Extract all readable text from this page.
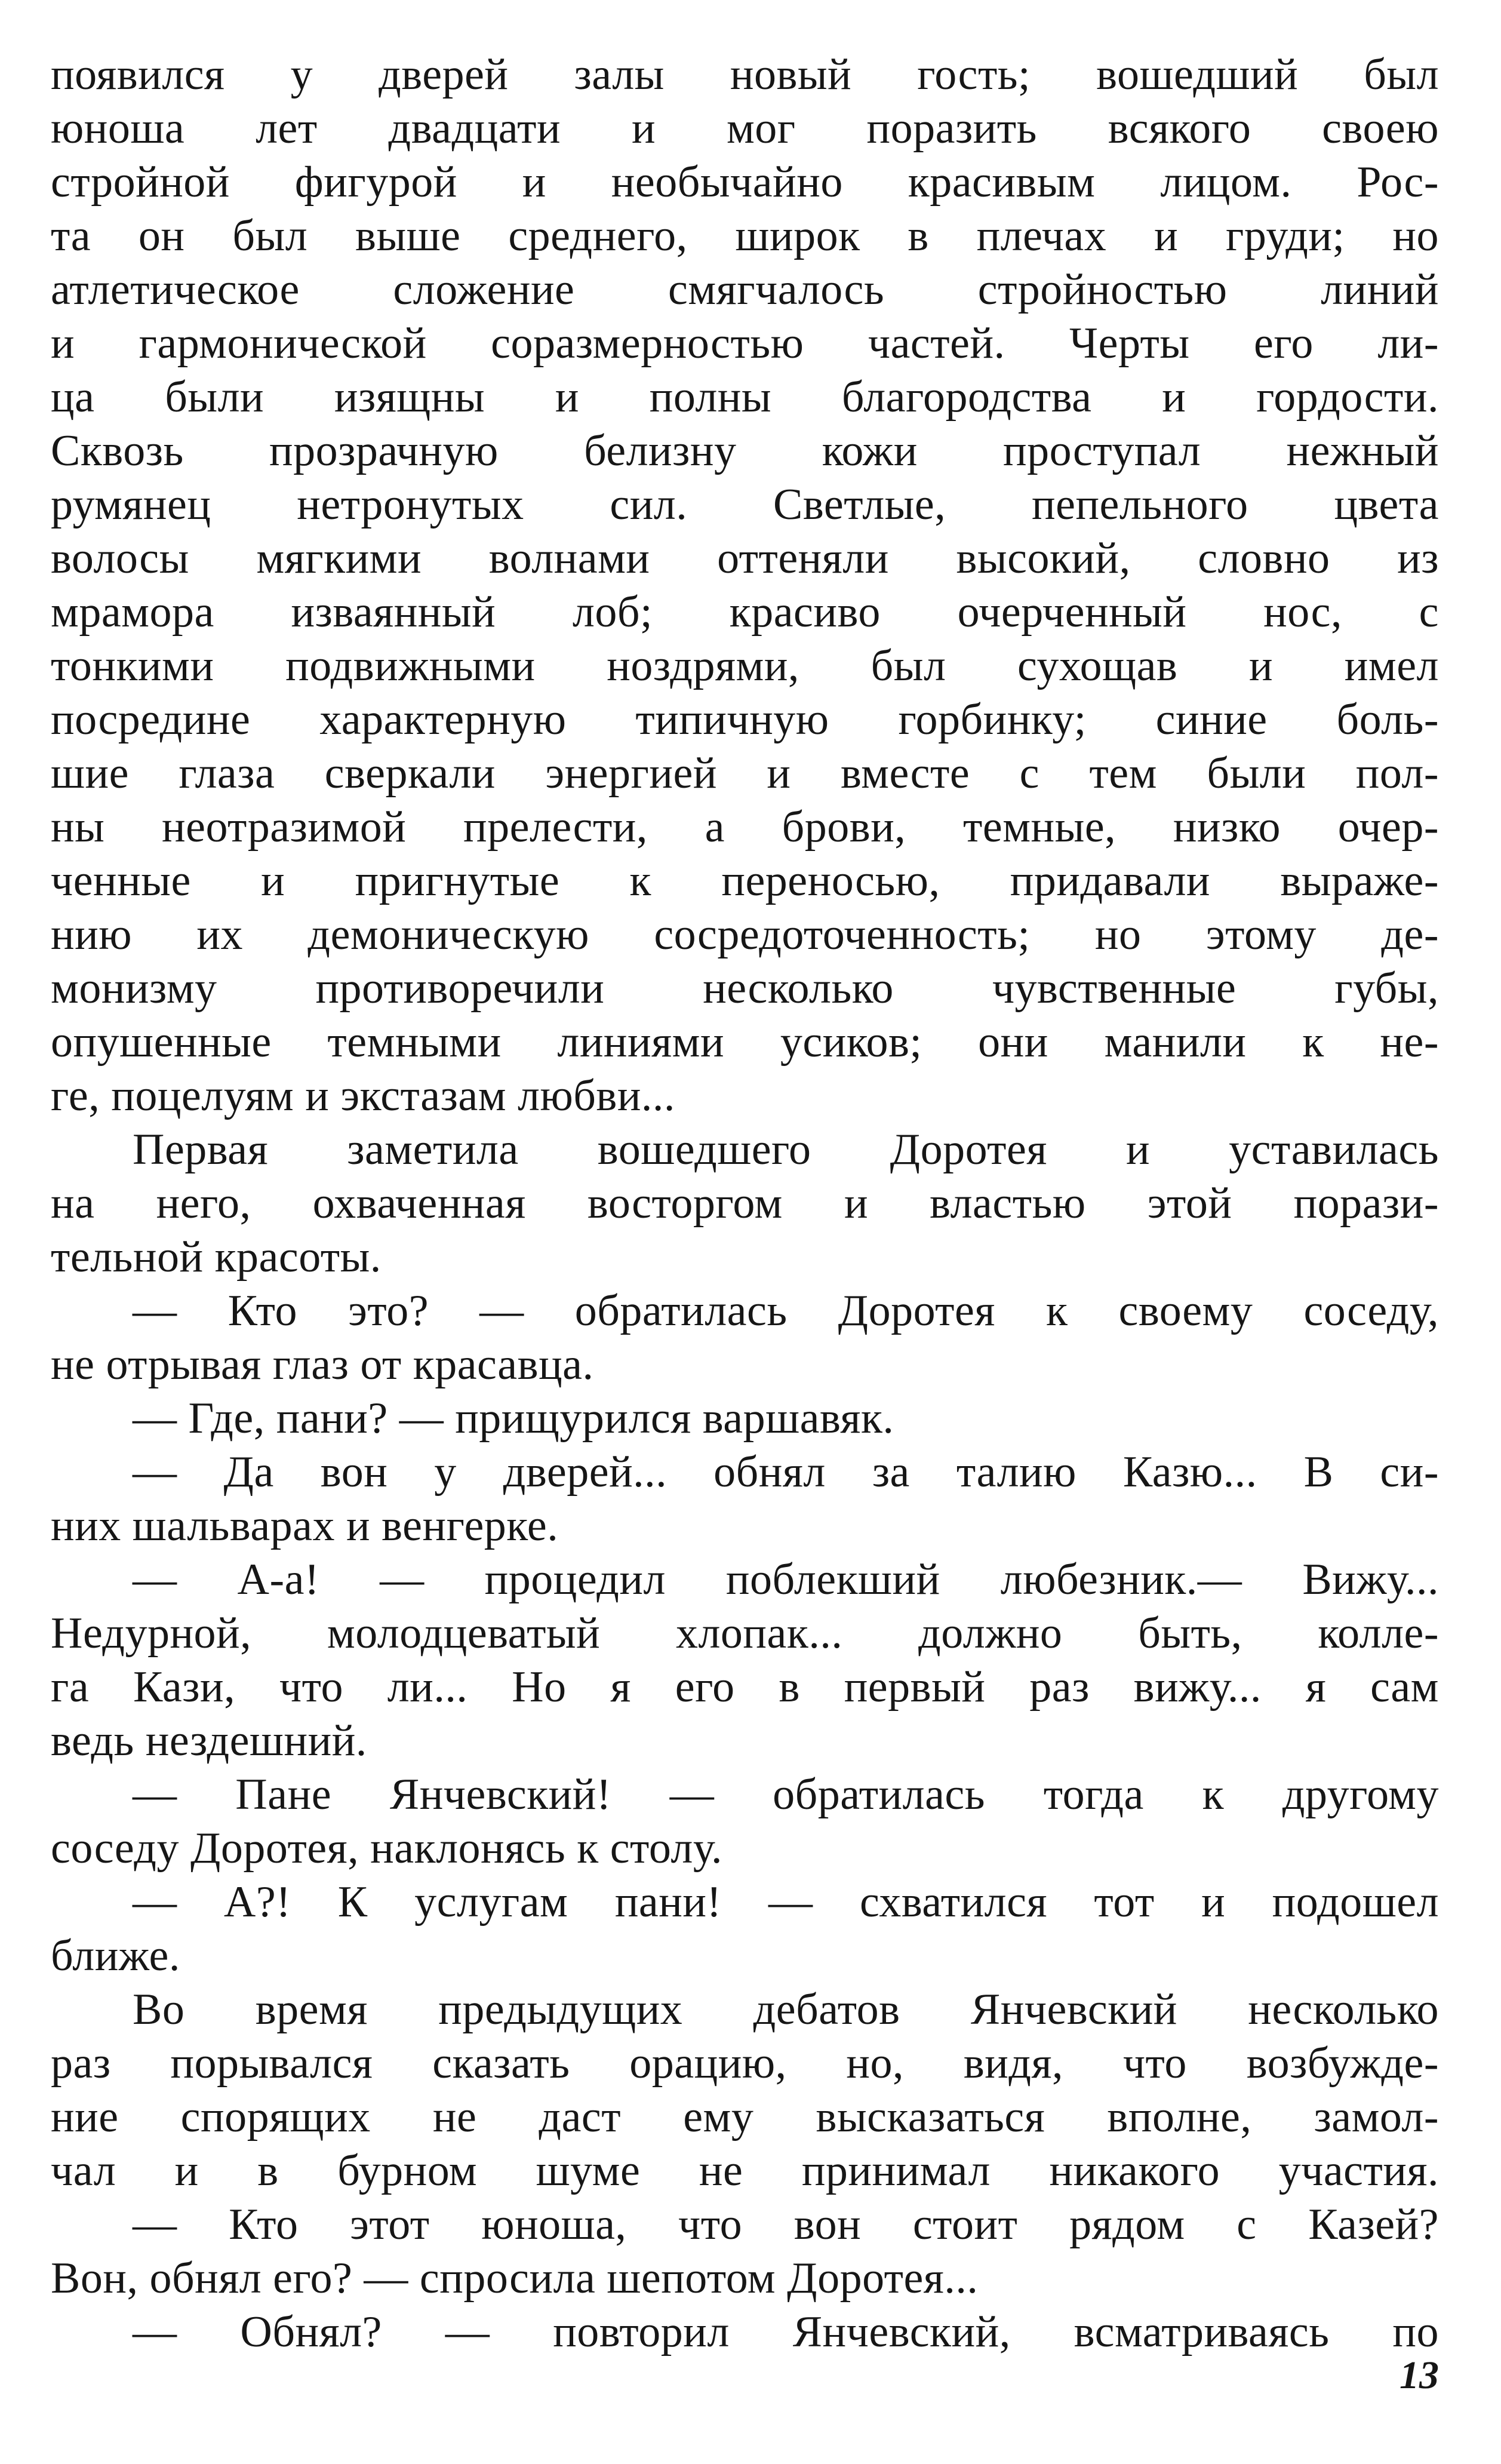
появился у дверей залы новый гость; вошедший был
юноша лет двадцати и мог поразить всякого своею
стройной фигурой и необычайно красивым лицом. Рос-
та он был выше среднего, широк в плечах и груди; но
атлетическое сложение смягчалось стройностью линий
и гармонической соразмерностью частей. Черты его ли-
ца были изящны и полны благородства и гордости.
Сквозь прозрачную белизну кожи проступал нежный
румянец нетронутых сил. Светлые, пепельного цвета
волосы мягкими волнами оттеняли высокий, словно из
мрамора изваянный лоб; красиво очерченный нос, с
тонкими подвижными ноздрями, был сухощав и имел
посредине характерную типичную горбинку; синие боль-
шие глаза сверкали энергией и вместе с тем были пол-
ны неотразимой прелести, а брови, темные, низко очер-
ченные и пригнутые к переносью, придавали выраже-
нию их демоническую сосредоточенность; но этому де-
монизму противоречили несколько чувственные губы,
опушенные темными линиями усиков; они манили к не-
ге, поцелуям и экстазам любви...
Первая заметила вошедшего Доротея и уставилась
на него, охваченная восторгом и властью этой порази-
тельной красоты.
— Кто это? — обратилась Доротея к своему соседу,
не отрывая глаз от красавца.
— Где, пани? — прищурился варшавяк.
— Да вон у дверей... обнял за талию Казю... В си-
них шальварах и венгерке.
— А-а! — процедил поблекший любезник.— Вижу...
Недурной, молодцеватый хлопак... должно быть, колле-
га Кази, что ли... Но я его в первый раз вижу... я сам
ведь нездешний.
— Пане Янчевский! — обратилась тогда к другому
соседу Доротея, наклонясь к столу.
— А?! К услугам пани! — схватился тот и подошел
ближе.
Во время предыдущих дебатов Янчевский несколько
раз порывался сказать орацию, но, видя, что возбужде-
ние спорящих не даст ему высказаться вполне, замол-
чал и в бурном шуме не принимал никакого участия.
— Кто этот юноша, что вон стоит рядом с Казей?
Вон, обнял его? — спросила шепотом Доротея...
— Обнял? — повторил Янчевский, всматриваясь по
13
